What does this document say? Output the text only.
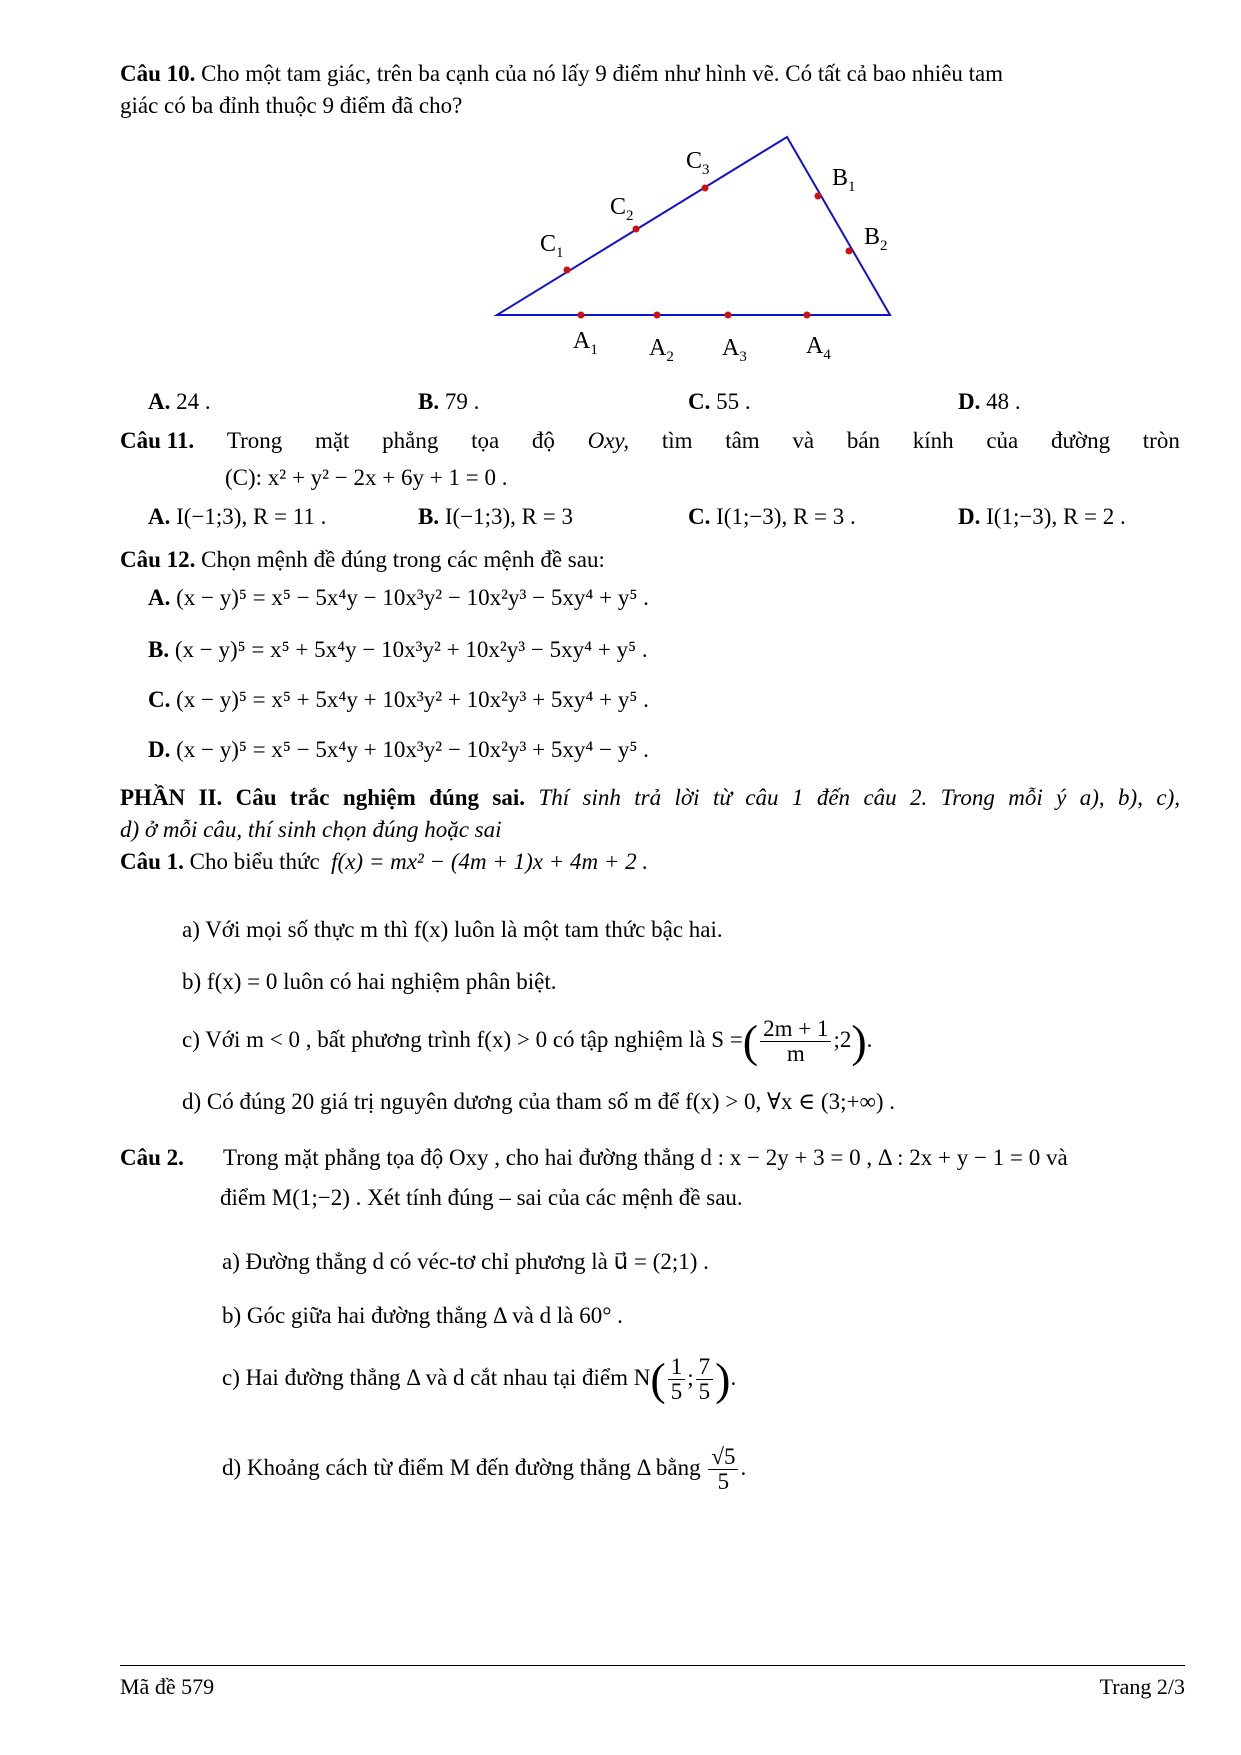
Câu 10. Cho một tam giác, trên ba cạnh của nó lấy 9 điểm như hình vẽ. Có tất cả bao nhiêu tam
giác có ba đỉnh thuộc 9 điểm đã cho?
$C_3$	$B_1$
$C_2$
$B_2$
$C_1$
$A_1$ $A_2$ $A_3$ $A_4$
A. 24 .	B. 79 .	C. 55 .	D. 48 .
Câu 11. Trong mặt phẳng tọa độ Oxy, tìm tâm và bán kính của đường tròn
(C): x² + y² − 2x + 6y + 1 = 0 .
A. I(−1;3), R = 11 .	B. I(−1;3), R = 3	C. I(1;−3), R = 3 .	D. I(1;−3), R = 2 .
Câu 12. Chọn mệnh đề đúng trong các mệnh đề sau:
A. (x − y)⁵ = x⁵ − 5x⁴y − 10x³y² − 10x²y³ − 5xy⁴ + y⁵ .
B. (x − y)⁵ = x⁵ + 5x⁴y − 10x³y² + 10x²y³ − 5xy⁴ + y⁵ .
C. (x − y)⁵ = x⁵ + 5x⁴y + 10x³y² + 10x²y³ + 5xy⁴ + y⁵ .
D. (x − y)⁵ = x⁵ − 5x⁴y + 10x³y² − 10x²y³ + 5xy⁴ − y⁵ .
PHẦN II. Câu trắc nghiệm đúng sai. Thí sinh trả lời từ câu 1 đến câu 2. Trong mỗi ý a), b), c),
d) ở mỗi câu, thí sinh chọn đúng hoặc sai
Câu 1. Cho biểu thức f(x) = mx² − (4m + 1)x + 4m + 2 .
a) Với mọi số thực m thì f(x) luôn là một tam thức bậc hai.
b) f(x) = 0 luôn có hai nghiệm phân biệt.
c) Với m < 0 , bất phương trình f(x) > 0 có tập nghiệm là S =( $\frac{2m + 1}{m}$ ;2).
d) Có đúng 20 giá trị nguyên dương của tham số m để f(x) > 0, ∀x ∈ (3;+∞) .
Câu 2.	Trong mặt phẳng tọa độ Oxy , cho hai đường thẳng d : x − 2y + 3 = 0 , Δ : 2x + y − 1 = 0 và
điểm M(1;−2) . Xét tính đúng – sai của các mệnh đề sau.
a) Đường thẳng d có véc-tơ chỉ phương là u⃗ = (2;1) .
b) Góc giữa hai đường thẳng Δ và d là 60° .
c) Hai đường thẳng Δ và d cắt nhau tại điểm $N( \frac{1}{5}$ ; $\frac{7}{5}$ ).
d) Khoảng cách từ điểm M đến đường thẳng Δ bằng $\frac{√5}{5}$ .
Mã đề 579	Trang 2/3
